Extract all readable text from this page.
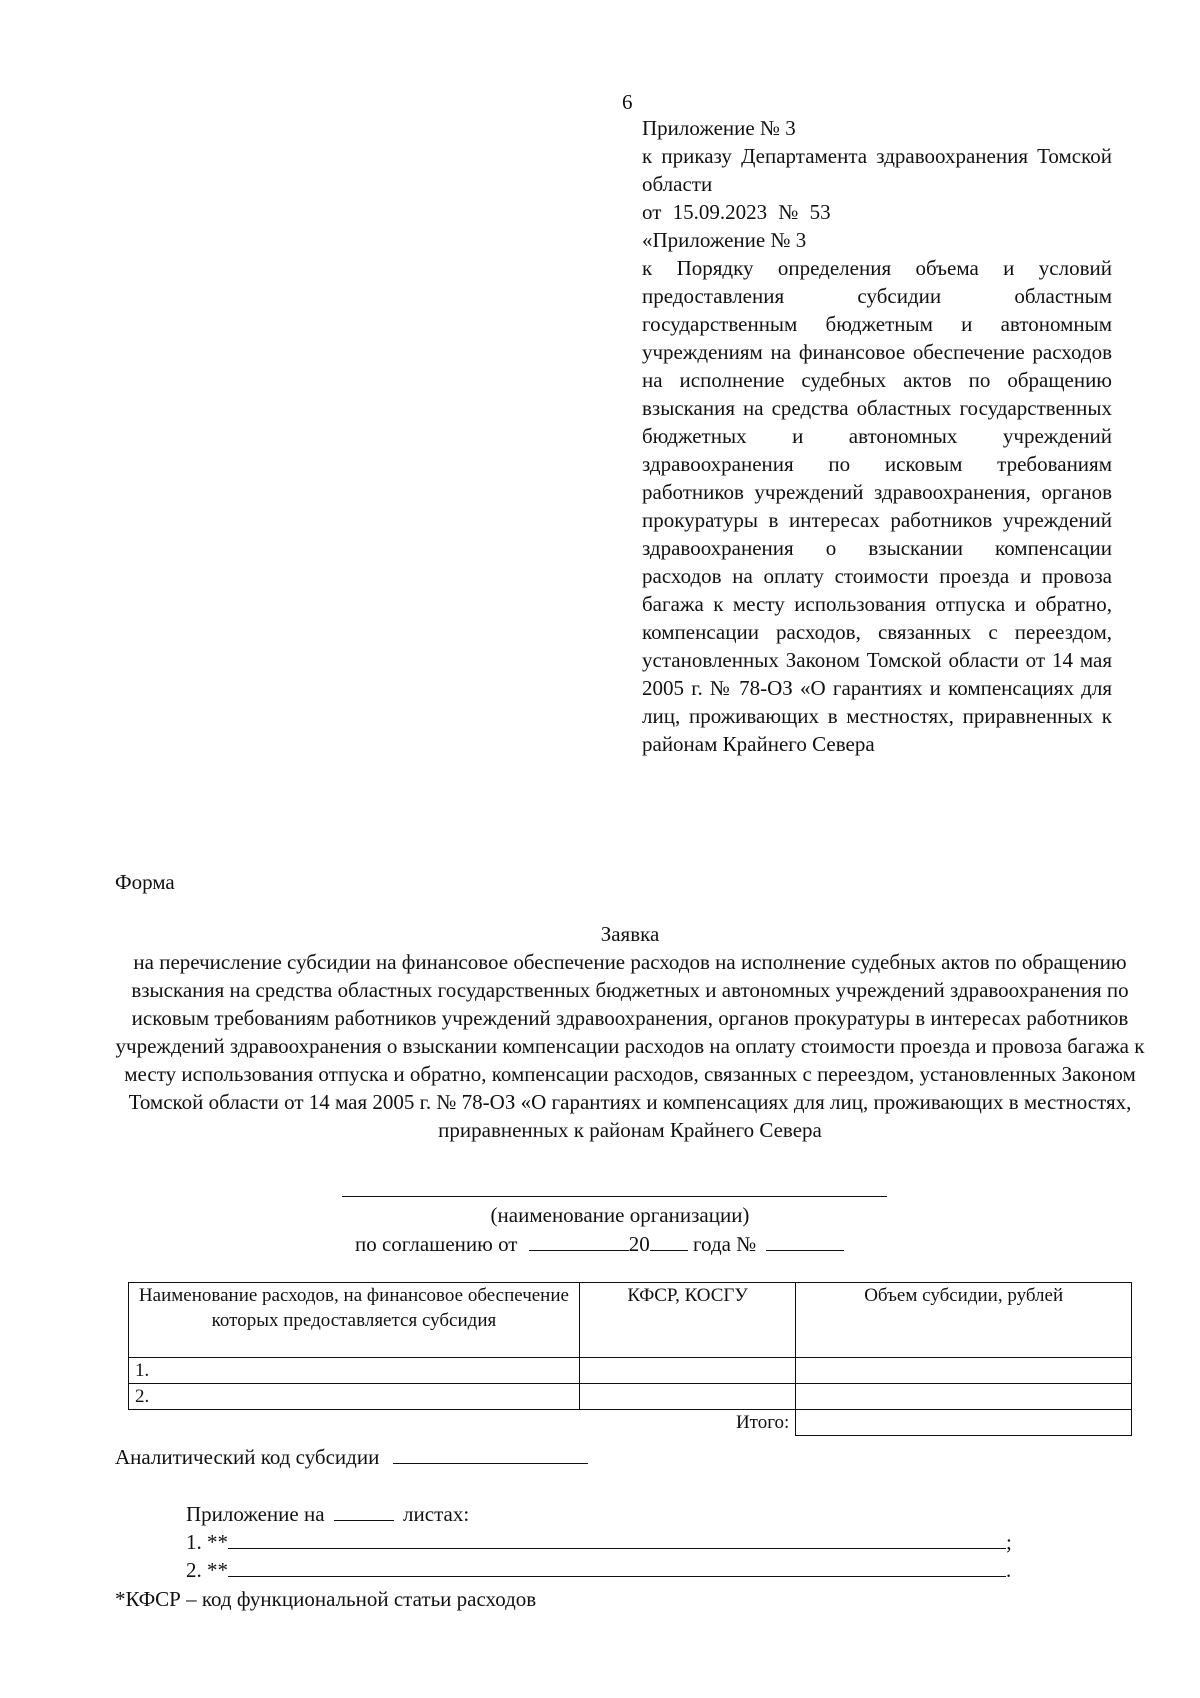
6

Приложение № 3

к приказу Департамента здравоохранения Томской области

от 15.09.2023 № 53

«Приложение № 3

к Порядку определения объема и условий предоставления субсидии областным государственным бюджетным и автономным учреждениям на финансовое обеспечение расходов на исполнение судебных актов по обращению взыскания на средства областных государственных бюджетных и автономных учреждений здравоохранения по исковым требованиям работников учреждений здравоохранения, органов прокуратуры в интересах работников учреждений здравоохранения о взыскании компенсации расходов на оплату стоимости проезда и провоза багажа к месту использования отпуска и обратно, компенсации расходов, связанных с переездом, установленных Законом Томской области от 14 мая 2005 г. № 78-ОЗ «О гарантиях и компенсациях для лиц, проживающих в местностях, приравненных к районам Крайнего Севера

Форма

Заявка

на перечисление субсидии на финансовое обеспечение расходов на исполнение судебных актов по обращению взыскания на средства областных государственных бюджетных и автономных учреждений здравоохранения по исковым требованиям работников учреждений здравоохранения, органов прокуратуры в интересах работников учреждений здравоохранения о взыскании компенсации расходов на оплату стоимости проезда и провоза багажа к месту использования отпуска и обратно, компенсации расходов, связанных с переездом, установленных Законом Томской области от 14 мая 2005 г. № 78-ОЗ «О гарантиях и компенсациях для лиц, проживающих в местностях, приравненных к районам Крайнего Севера

(наименование организации)
по соглашению от	20 года №
Наименование расходов, на финансовое обеспечение которых предоставляется субсидия	КФСР, КОСГУ	Объем субсидии, рублей
1.		
2.		
Итого:		
Аналитический код субсидии
Приложение на	листах:
1. **	;
2. **	.
*КФСР – код функциональной статьи расходов
